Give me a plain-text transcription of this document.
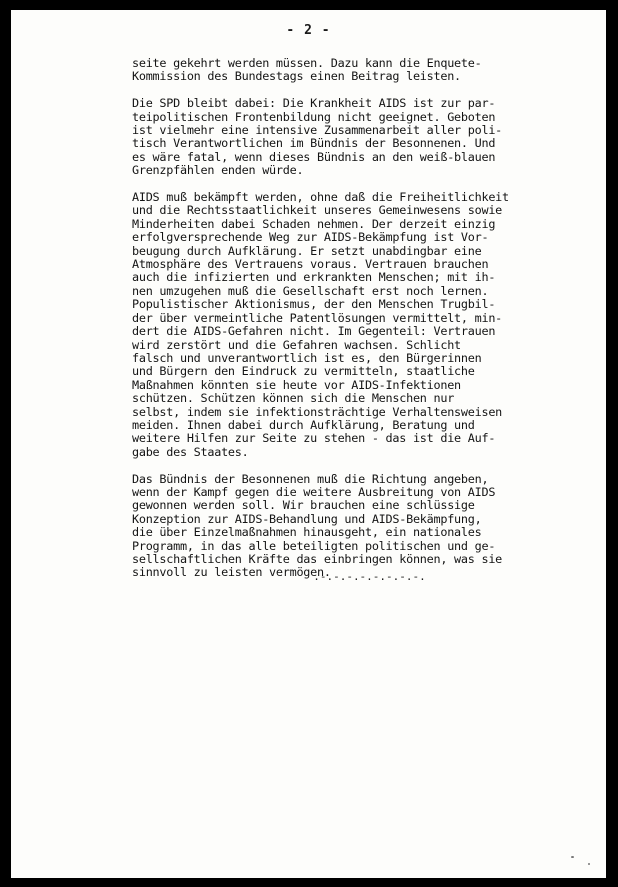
- 2 -
seite gekehrt werden müssen. Dazu kann die Enquete-
Kommission des Bundestags einen Beitrag leisten.
Die SPD bleibt dabei: Die Krankheit AIDS ist zur par-
teipolitischen Frontenbildung nicht geeignet. Geboten
ist vielmehr eine intensive Zusammenarbeit aller poli-
tisch Verantwortlichen im Bündnis der Besonnenen. Und
es wäre fatal, wenn dieses Bündnis an den weiß-blauen
Grenzpfählen enden würde.
AIDS muß bekämpft werden, ohne daß die Freiheitlichkeit
und die Rechtsstaatlichkeit unseres Gemeinwesens sowie
Minderheiten dabei Schaden nehmen. Der derzeit einzig
erfolgversprechende Weg zur AIDS-Bekämpfung ist Vor-
beugung durch Aufklärung. Er setzt unabdingbar eine
Atmosphäre des Vertrauens voraus. Vertrauen brauchen
auch die infizierten und erkrankten Menschen; mit ih-
nen umzugehen muß die Gesellschaft erst noch lernen.
Populistischer Aktionismus, der den Menschen Trugbil-
der über vermeintliche Patentlösungen vermittelt, min-
dert die AIDS-Gefahren nicht. Im Gegenteil: Vertrauen
wird zerstört und die Gefahren wachsen. Schlicht
falsch und unverantwortlich ist es, den Bürgerinnen
und Bürgern den Eindruck zu vermitteln, staatliche
Maßnahmen könnten sie heute vor AIDS-Infektionen
schützen. Schützen können sich die Menschen nur
selbst, indem sie infektionsträchtige Verhaltensweisen
meiden. Ihnen dabei durch Aufklärung, Beratung und
weitere Hilfen zur Seite zu stehen - das ist die Auf-
gabe des Staates.
Das Bündnis der Besonnenen muß die Richtung angeben,
wenn der Kampf gegen die weitere Ausbreitung von AIDS
gewonnen werden soll. Wir brauchen eine schlüssige
Konzeption zur AIDS-Behandlung und AIDS-Bekämpfung,
die über Einzelmaßnahmen hinausgeht, ein nationales
Programm, in das alle beteiligten politischen und ge-
sellschaftlichen Kräfte das einbringen können, was sie
sinnvoll zu leisten vermögen.
.-.-.-.-.-.-.-.-.
